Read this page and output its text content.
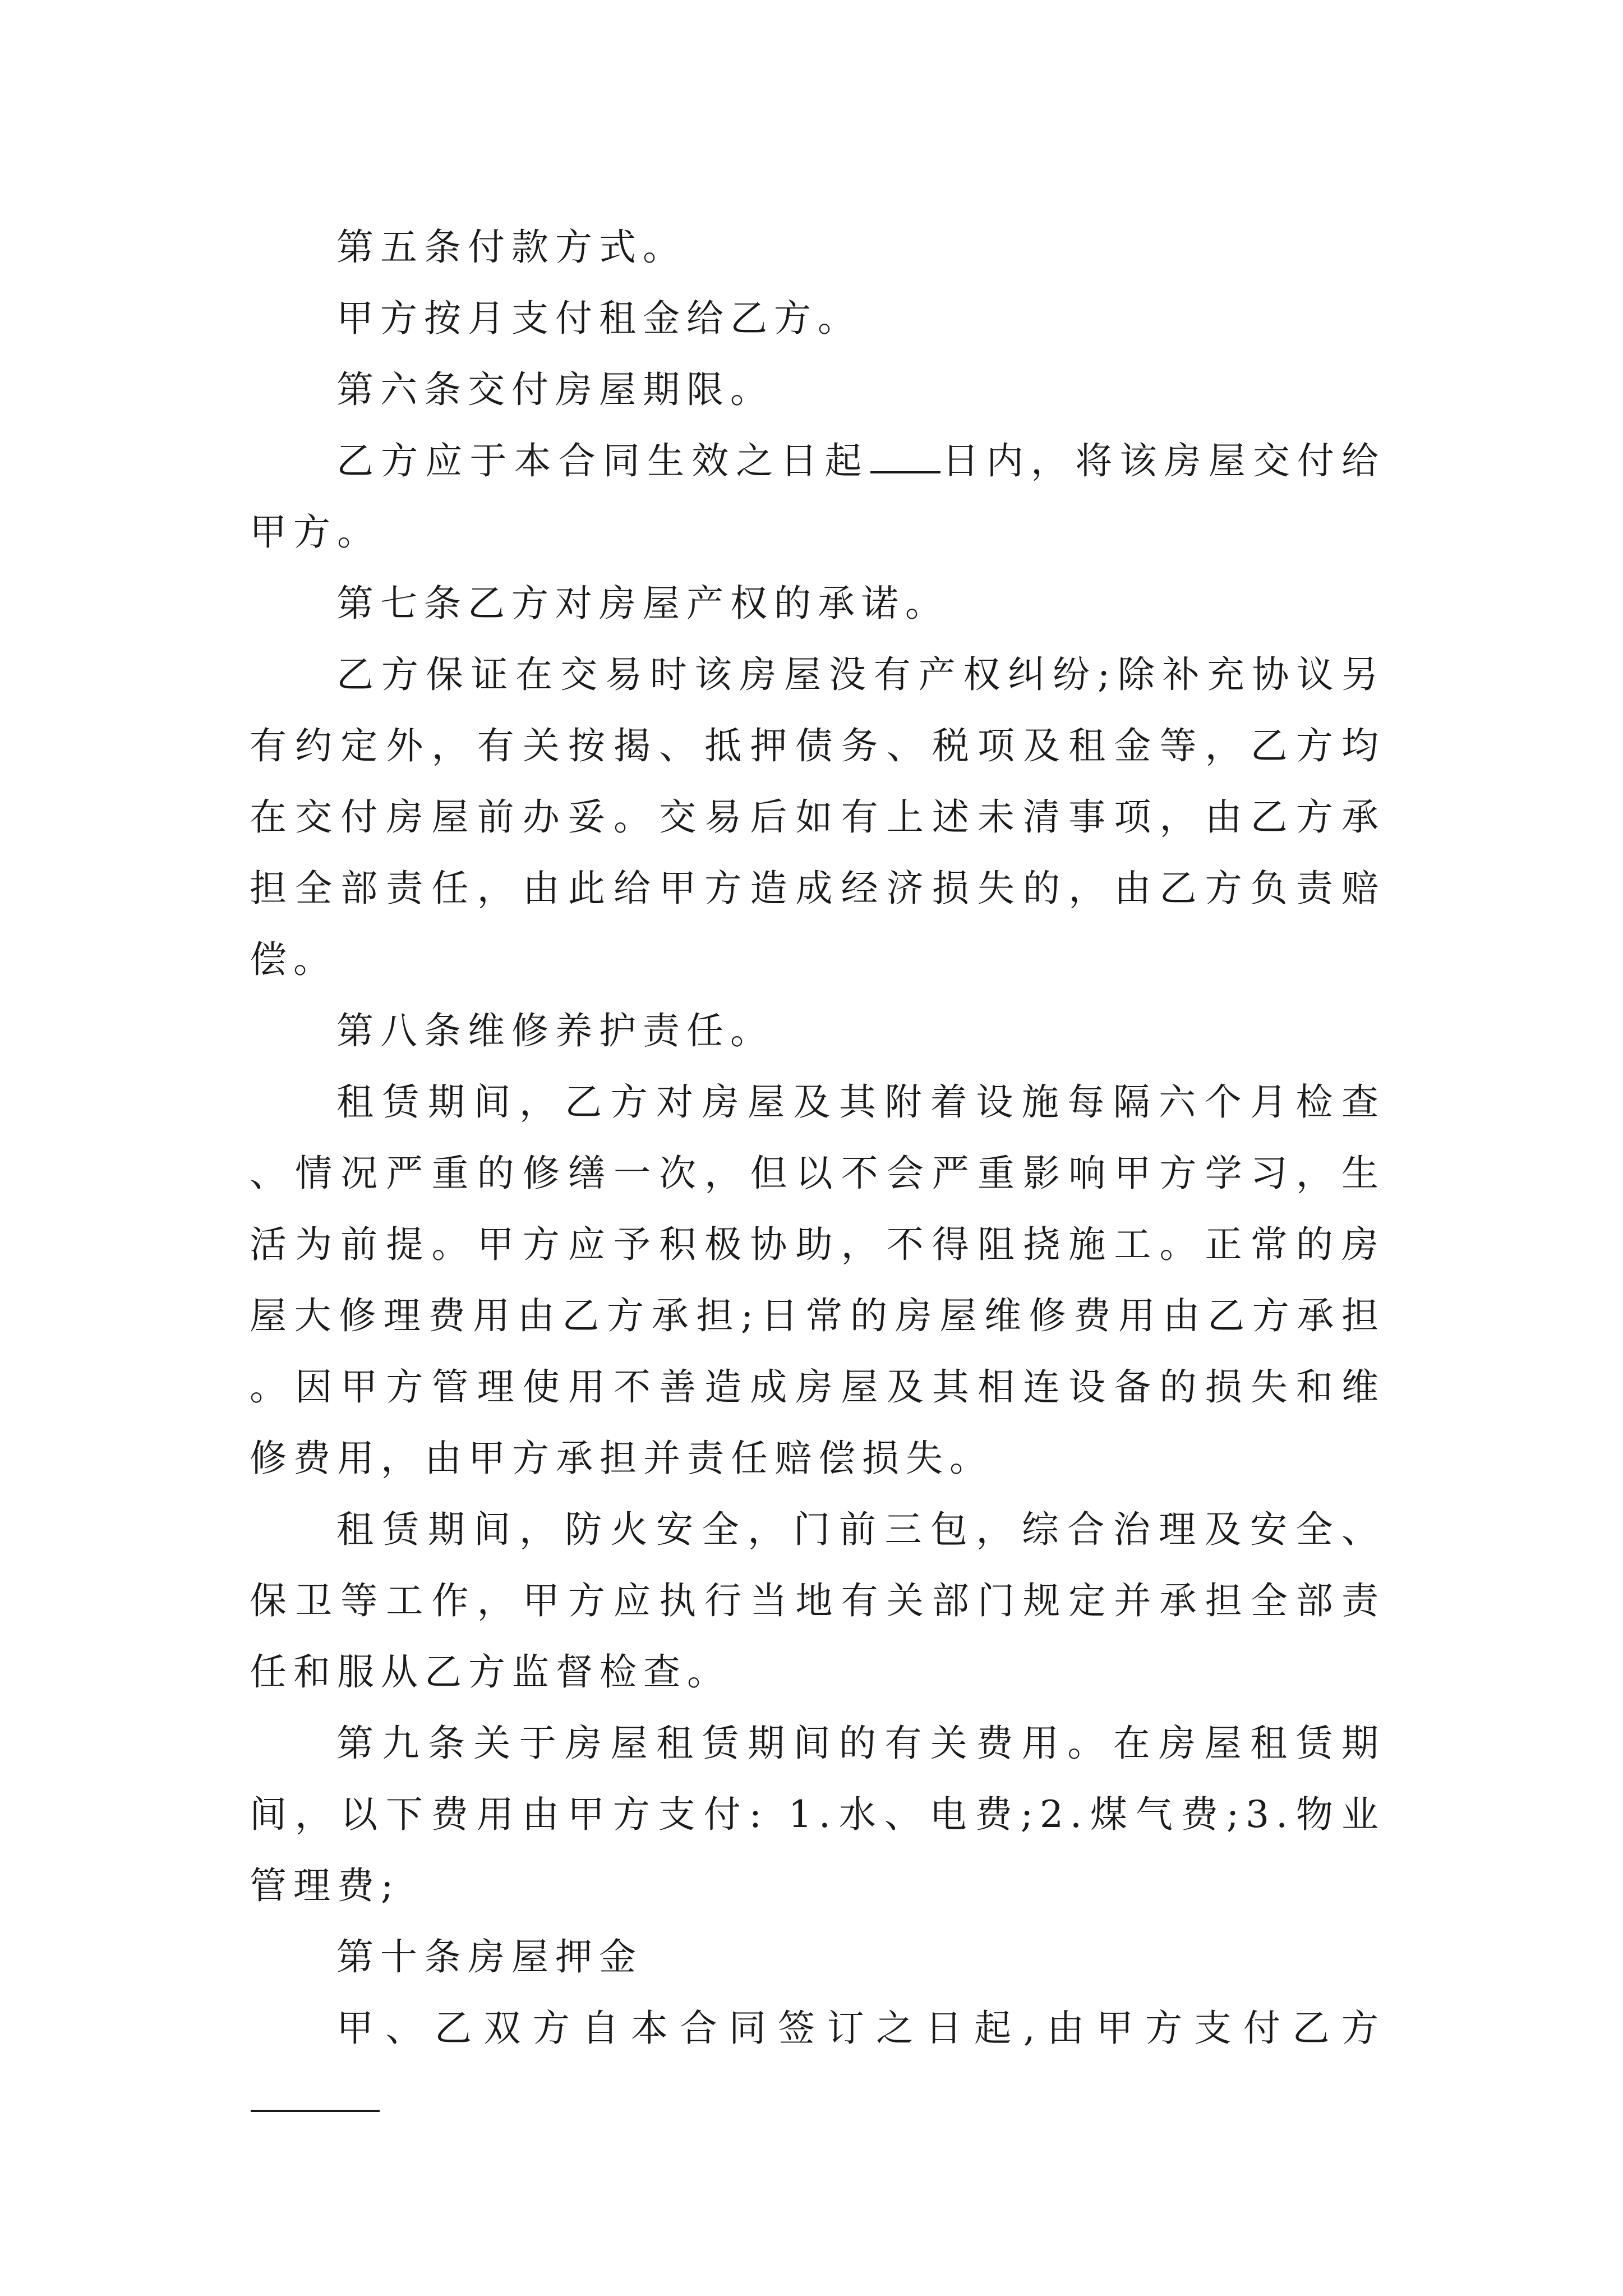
第五条付款方式。

甲方按月支付租金给乙方。

第六条交付房屋期限。

乙方应于本合同生效之日起 日内，将该房屋交付给甲方。

第七条乙方对房屋产权的承诺。

乙方保证在交易时该房屋没有产权纠纷;除补充协议另有约定外，有关按揭、抵押债务、税项及租金等，乙方均在交付房屋前办妥。交易后如有上述未清事项，由乙方承担全部责任，由此给甲方造成经济损失的，由乙方负责赔偿。

第八条维修养护责任。

租赁期间，乙方对房屋及其附着设施每隔六个月检查、情况严重的修缮一次，但以不会严重影响甲方学习，生活为前提。甲方应予积极协助，不得阻挠施工。正常的房屋大修理费用由乙方承担;日常的房屋维修费用由乙方承担。因甲方管理使用不善造成房屋及其相连设备的损失和维修费用，由甲方承担并责任赔偿损失。

租赁期间，防火安全，门前三包，综合治理及安全、保卫等工作，甲方应执行当地有关部门规定并承担全部责任和服从乙方监督检查。

第九条关于房屋租赁期间的有关费用。在房屋租赁期间，以下费用由甲方支付: 1.水、电费;2.煤气费;3.物业管理费;

第十条房屋押金

甲、乙双方自本合同签订之日起,由甲方支付乙方
